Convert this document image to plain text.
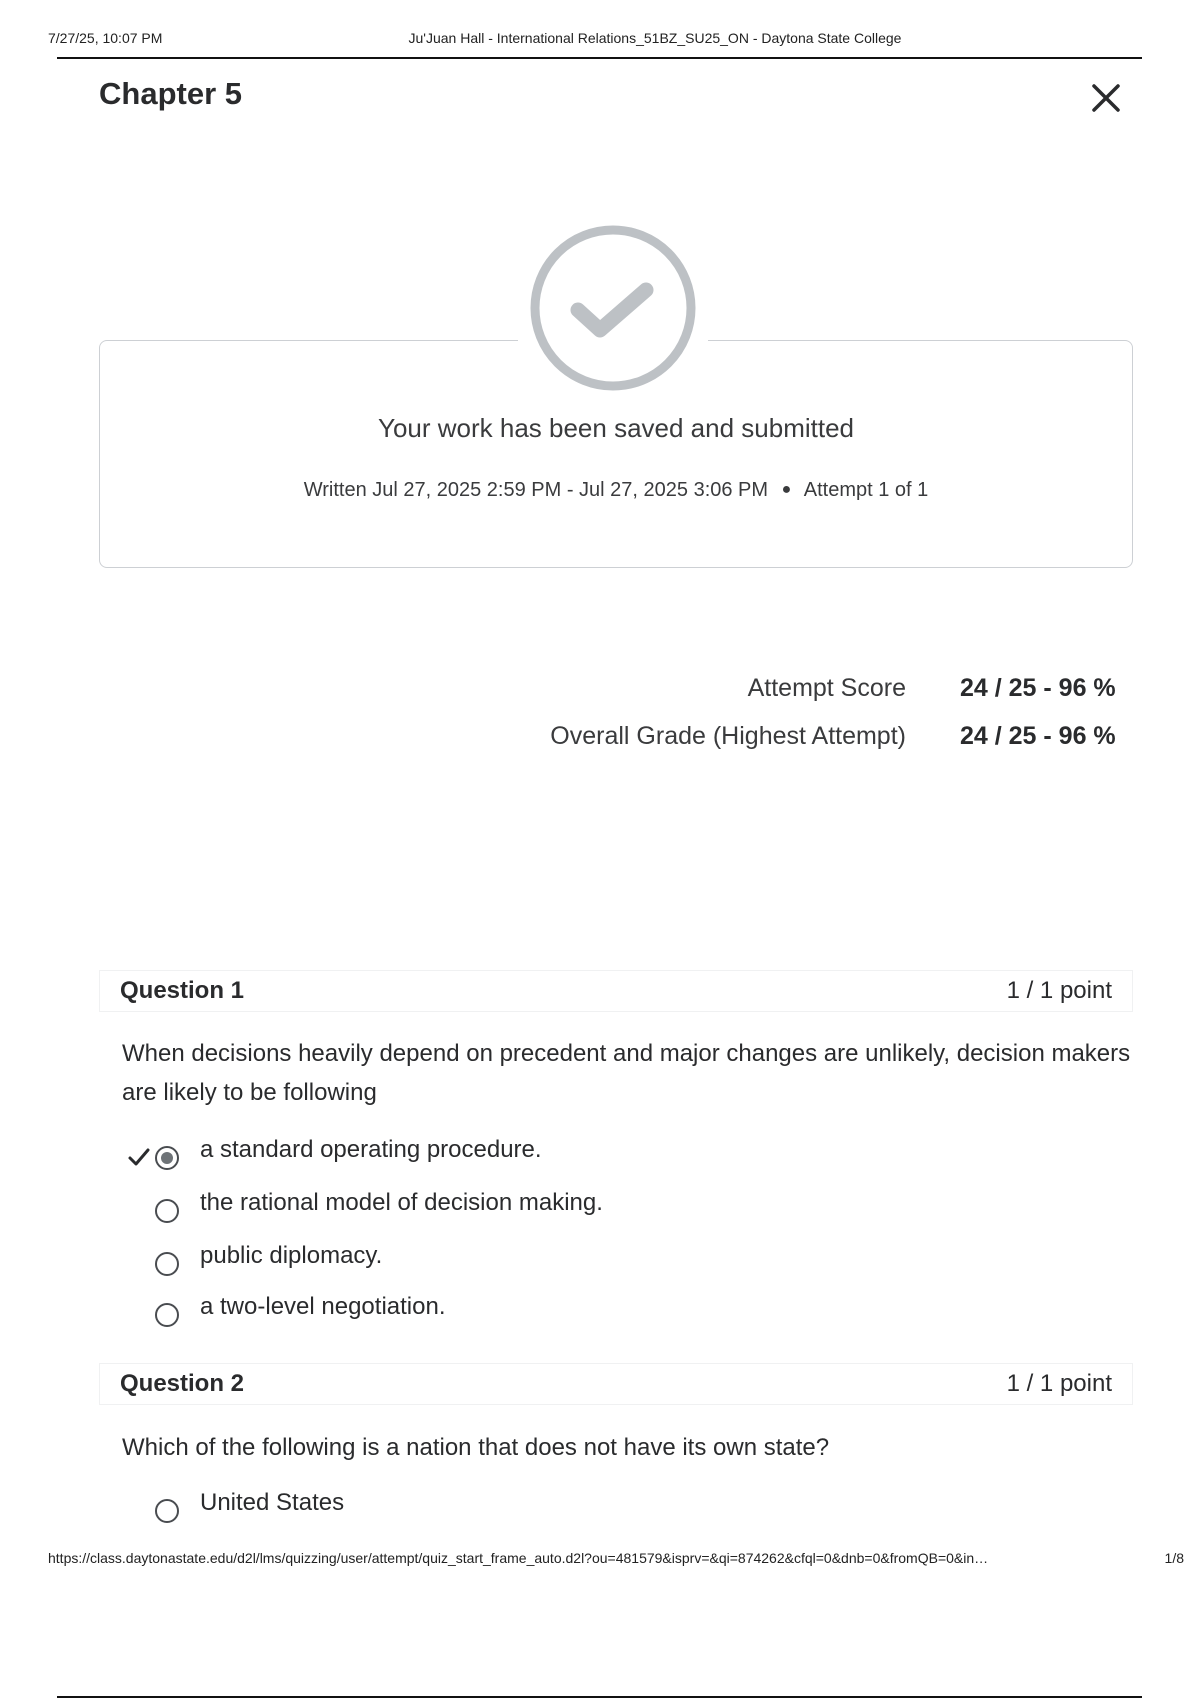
7/27/25, 10:07 PM	Ju'Juan Hall - International Relations_51BZ_SU25_ON - Daytona State College
Chapter 5
Your work has been saved and submitted
Written Jul 27, 2025 2:59 PM - Jul 27, 2025 3:06 PM ● Attempt 1 of 1
Attempt Score 24 / 25 - 96 %
Overall Grade (Highest Attempt) 24 / 25 - 96 %
Question 1	1 / 1 point
When decisions heavily depend on precedent and major changes are unlikely, decision makers are likely to be following
a standard operating procedure.
the rational model of decision making.
public diplomacy.
a two-level negotiation.
Question 2	1 / 1 point
Which of the following is a nation that does not have its own state?
United States
https://class.daytonastate.edu/d2l/lms/quizzing/user/attempt/quiz_start_frame_auto.d2l?ou=481579&isprv=&qi=874262&cfql=0&dnb=0&fromQB=0&in…	1/8
